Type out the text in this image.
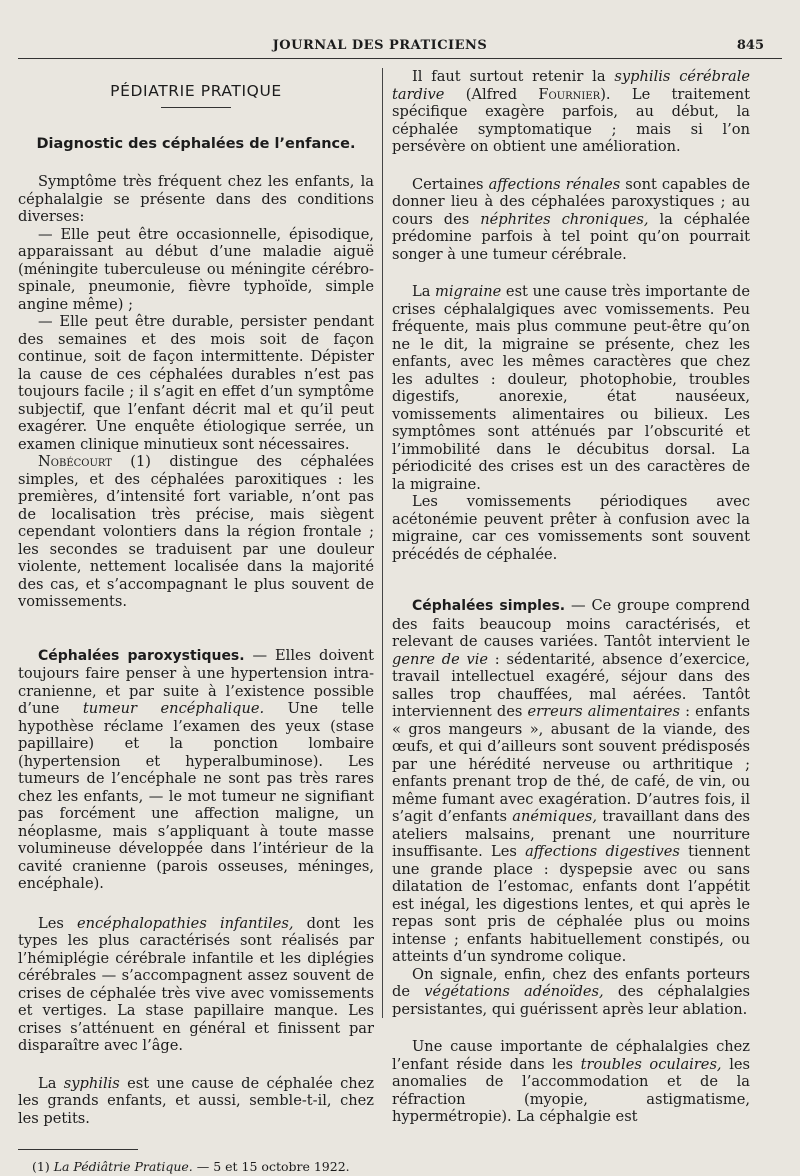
JOURNAL DES PRATICIENS	845
PÉDIATRIE PRATIQUE
Diagnostic des céphalées de l’enfance.

Symptôme très fréquent chez les enfants, la céphalalgie se présente dans des conditions diverses:

— Elle peut être occasionnelle, épisodique, apparaissant au début d’une maladie aiguë (méningite tuberculeuse ou méningite cérébro-spinale, pneumonie, fièvre typhoïde, simple angine même) ;

— Elle peut être durable, persister pendant des semaines et des mois soit de façon continue, soit de façon intermittente. Dépister la cause de ces céphalées durables n’est pas toujours facile ; il s’agit en effet d’un symptôme subjectif, que l’enfant décrit mal et qu’il peut exagérer. Une enquête étiologique serrée, un examen clinique minutieux sont nécessaires.

Nobécourt (1) distingue des céphalées simples, et des céphalées paroxitiques : les premières, d’intensité fort variable, n’ont pas de localisation très précise, mais siègent cependant volontiers dans la région frontale ; les secondes se traduisent par une douleur violente, nettement localisée dans la majorité des cas, et s’accompagnant le plus souvent de vomissements.

Céphalées paroxystiques. — Elles doivent toujours faire penser à une hypertension intra-cranienne, et par suite à l’existence possible d’une tumeur encéphalique. Une telle hypothèse réclame l’examen des yeux (stase papillaire) et la ponction lombaire (hypertension et hyperalbuminose). Les tumeurs de l’encéphale ne sont pas très rares chez les enfants, — le mot tumeur ne signifiant pas forcément une affection maligne, un néoplasme, mais s’appliquant à toute masse volumineuse développée dans l’intérieur de la cavité cranienne (parois osseuses, méninges, encéphale).

Les encéphalopathies infantiles, dont les types les plus caractérisés sont réalisés par l’hémiplégie cérébrale infantile et les diplégies cérébrales — s’accompagnent assez souvent de crises de céphalée très vive avec vomissements et vertiges. La stase papillaire manque. Les crises s’atténuent en général et finissent par disparaître avec l’âge.

La syphilis est une cause de céphalée chez les grands enfants, et aussi, semble-t-il, chez les petits.

(1) La Pédiâtrie Pratique. — 5 et 15 octobre 1922.

Il faut surtout retenir la syphilis cérébrale tardive (Alfred Fournier). Le traitement spécifique exagère parfois, au début, la céphalée symptomatique ; mais si l’on persévère on obtient une amélioration.

Certaines affections rénales sont capables de donner lieu à des céphalées paroxystiques ; au cours des néphrites chroniques, la céphalée prédomine parfois à tel point qu’on pourrait songer à une tumeur cérébrale.

La migraine est une cause très importante de crises céphalalgiques avec vomissements. Peu fréquente, mais plus commune peut-être qu’on ne le dit, la migraine se présente, chez les enfants, avec les mêmes caractères que chez les adultes : douleur, photophobie, troubles digestifs, anorexie, état nauséeux, vomissements alimentaires ou bilieux. Les symptômes sont atténués par l’obscurité et l’immobilité dans le décubitus dorsal. La périodicité des crises est un des caractères de la migraine.

Les vomissements périodiques avec acétonémie peuvent prêter à confusion avec la migraine, car ces vomissements sont souvent précédés de céphalée.

Céphalées simples. — Ce groupe comprend des faits beaucoup moins caractérisés, et relevant de causes variées. Tantôt intervient le genre de vie : sédentarité, absence d’exercice, travail intellectuel exagéré, séjour dans des salles trop chauffées, mal aérées. Tantôt interviennent des erreurs alimentaires : enfants « gros mangeurs », abusant de la viande, des œufs, et qui d’ailleurs sont souvent prédisposés par une hérédité nerveuse ou arthritique ; enfants prenant trop de thé, de café, de vin, ou même fumant avec exagération. D’autres fois, il s’agit d’enfants anémiques, travaillant dans des ateliers malsains, prenant une nourriture insuffisante. Les affections digestives tiennent une grande place : dyspepsie avec ou sans dilatation de l’estomac, enfants dont l’appétit est inégal, les digestions lentes, et qui après le repas sont pris de céphalée plus ou moins intense ; enfants habituellement constipés, ou atteints d’un syndrome colique.

On signale, enfin, chez des enfants porteurs de végétations adénoïdes, des céphalalgies persistantes, qui guérissent après leur ablation.

Une cause importante de céphalalgies chez l’enfant réside dans les troubles oculaires, les anomalies de l’accommodation et de la réfraction (myopie, astigmatisme, hypermétropie). La céphalgie est
